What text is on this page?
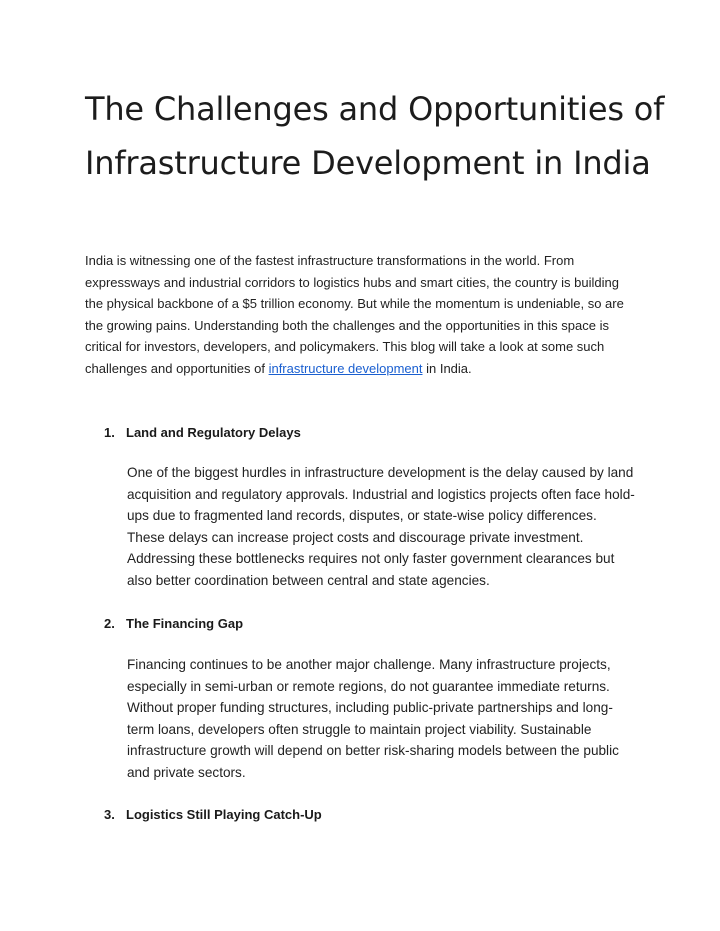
The Challenges and Opportunities of Infrastructure Development in India

India is witnessing one of the fastest infrastructure transformations in the world. From expressways and industrial corridors to logistics hubs and smart cities, the country is building the physical backbone of a $5 trillion economy. But while the momentum is undeniable, so are the growing pains. Understanding both the challenges and the opportunities in this space is critical for investors, developers, and policymakers. This blog will take a look at some such challenges and opportunities of infrastructure development in India.

1. Land and Regulatory Delays

One of the biggest hurdles in infrastructure development is the delay caused by land acquisition and regulatory approvals. Industrial and logistics projects often face hold-ups due to fragmented land records, disputes, or state-wise policy differences. These delays can increase project costs and discourage private investment. Addressing these bottlenecks requires not only faster government clearances but also better coordination between central and state agencies.

2. The Financing Gap

Financing continues to be another major challenge. Many infrastructure projects, especially in semi-urban or remote regions, do not guarantee immediate returns. Without proper funding structures, including public-private partnerships and long-term loans, developers often struggle to maintain project viability. Sustainable infrastructure growth will depend on better risk-sharing models between the public and private sectors.

3. Logistics Still Playing Catch-Up
